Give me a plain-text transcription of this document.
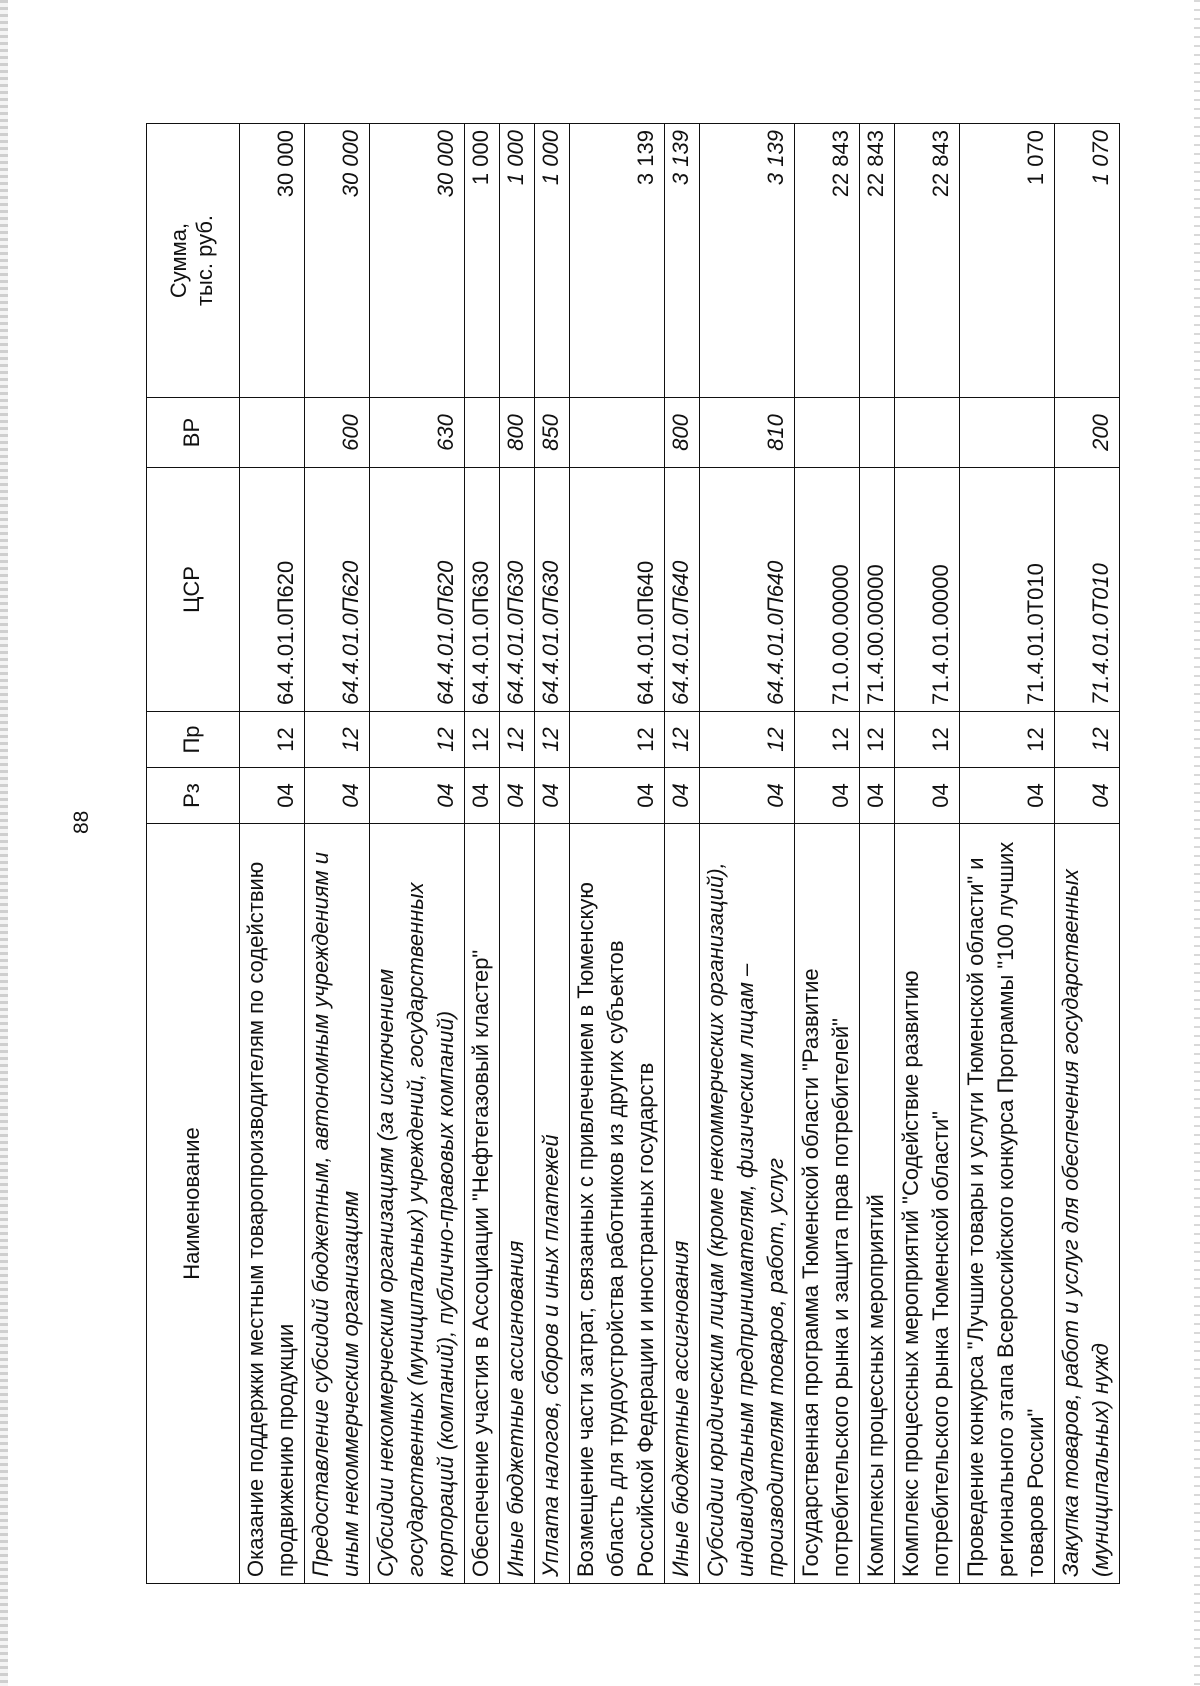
88
Наименование	Рз	Пр	ЦСР	ВР	Сумма, тыс. руб.

Оказание поддержки местным товаропроизводителям по содействию продвижению продукции	04	12	64.4.01.0П620		30 000
Предоставление субсидий бюджетным, автономным учреждениям и иным некоммерческим организациям	04	12	64.4.01.0П620	600	30 000
Субсидии некоммерческим организациям (за исключением государственных (муниципальных) учреждений, государственных корпораций (компаний), публично-правовых компаний)	04	12	64.4.01.0П620	630	30 000
Обеспечение участия в Ассоциации "Нефтегазовый кластер"	04	12	64.4.01.0П630		1 000
Иные бюджетные ассигнования	04	12	64.4.01.0П630	800	1 000
Уплата налогов, сборов и иных платежей	04	12	64.4.01.0П630	850	1 000
Возмещение части затрат, связанных с привлечением в Тюменскую область для трудоустройства работников из других субъектов Российской Федерации и иностранных государств	04	12	64.4.01.0П640		3 139
Иные бюджетные ассигнования	04	12	64.4.01.0П640	800	3 139
Субсидии юридическим лицам (кроме некоммерческих организаций), индивидуальным предпринимателям, физическим лицам – производителям товаров, работ, услуг	04	12	64.4.01.0П640	810	3 139
Государственная программа Тюменской области "Развитие потребительского рынка и защита прав потребителей"	04	12	71.0.00.00000		22 843
Комплексы процессных мероприятий	04	12	71.4.00.00000		22 843
Комплекс процессных мероприятий "Содействие развитию потребительского рынка Тюменской области"	04	12	71.4.01.00000		22 843
Проведение конкурса "Лучшие товары и услуги Тюменской области" и регионального этапа Всероссийского конкурса Программы "100 лучших товаров России"	04	12	71.4.01.0Т010		1 070
Закупка товаров, работ и услуг для обеспечения государственных (муниципальных) нужд	04	12	71.4.01.0Т010	200	1 070
